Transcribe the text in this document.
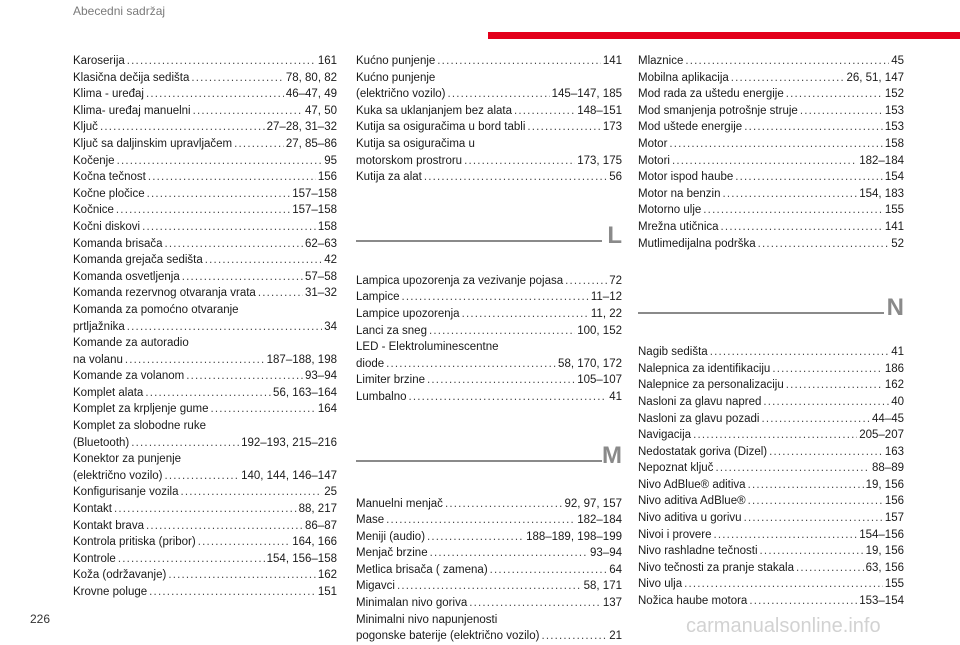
Abecedni sadržaj
Karoserija . . .	161
Klasična dečija sedišta . . .	78, 80, 82
Klima - uređaj . . .	46–47, 49
Klima- uređaj manuelni . . .	47, 50
Ključ . . .	27–28, 31–32
Ključ sa daljinskim upravljačem . . .	27, 85–86
Kočenje . . .	95
Kočna tečnost . . .	156
Kočne pločice . . .	157–158
Kočnice . . .	157–158
Kočni diskovi . . .	158
Komanda brisača . . .	62–63
Komanda grejača sedišta . . .	42
Komanda osvetljenja . . .	57–58
Komanda rezervnog otvaranja vrata . . .	31–32
Komanda za pomoćno otvaranje
prtljažnika . . .	34
Komande za autoradio
na volanu . . .	187–188, 198
Komande za volanom . . .	93–94
Komplet alata . . .	56, 163–164
Komplet za krpljenje gume . . .	164
Komplet za slobodne ruke
(Bluetooth) . . .	192–193, 215–216
Konektor za punjenje
(električno vozilo) . . .	140, 144, 146–147
Konfigurisanje vozila . . .	25
Kontakt . . .	88, 217
Kontakt brava . . .	86–87
Kontrola pritiska (pribor) . . .	164, 166
Kontrole . . .	154, 156–158
Koža (održavanje) . . .	162
Krovne poluge . . .	151
Kućno punjenje . . .	141
Kućno punjenje
(električno vozilo) . . .	145–147, 185
Kuka sa uklanjanjem bez alata . . .	148–151
Kutija sa osiguračima u bord tabli . . .	173
Kutija sa osiguračima u
motorskom prostroru . . .	173, 175
Kutija za alat . . .	56
L
Lampica upozorenja za vezivanje pojasa . . .	72
Lampice . . .	11–12
Lampice upozorenja . . .	11, 22
Lanci za sneg . . .	100, 152
LED - Elektroluminescentne
diode . . .	58, 170, 172
Limiter brzine . . .	105–107
Lumbalno . . .	41
M
Manuelni menjač . . .	92, 97, 157
Mase . . .	182–184
Meniji (audio) . . .	188–189, 198–199
Menjač brzine . . .	93–94
Metlica brisača ( zamena) . . .	64
Migavci . . .	58, 171
Minimalan nivo goriva . . .	137
Minimalni nivo napunjenosti
pogonske baterije (električno vozilo) . . .	21
Mlaznice . . .	45
Mobilna aplikacija . . .	26, 51, 147
Mod rada za uštedu energije . . .	152
Mod smanjenja potrošnje struje . . .	153
Mod uštede energije . . .	153
Motor . . .	158
Motori . . .	182–184
Motor ispod haube . . .	154
Motor na benzin . . .	154, 183
Motorno ulje . . .	155
Mrežna utičnica . . .	141
Mutlimedijalna podrška . . .	52
N
Nagib sedišta . . .	41
Nalepnica za identifikaciju . . .	186
Nalepnice za personalizaciju . . .	162
Nasloni za glavu napred . . .	40
Nasloni za glavu pozadi . . .	44–45
Navigacija . . .	205–207
Nedostatak goriva (Dizel) . . .	163
Nepoznat ključ . . .	88–89
Nivo AdBlue® aditiva . . .	19, 156
Nivo aditiva AdBlue® . . .	156
Nivo aditiva u gorivu . . .	157
Nivoi i provere . . .	154–156
Nivo rashladne tečnosti . . .	19, 156
Nivo tečnosti za pranje stakala . . .	63, 156
Nivo ulja . . .	155
Nožica haube motora . . .	153–154
226	carmanualsonline.info
